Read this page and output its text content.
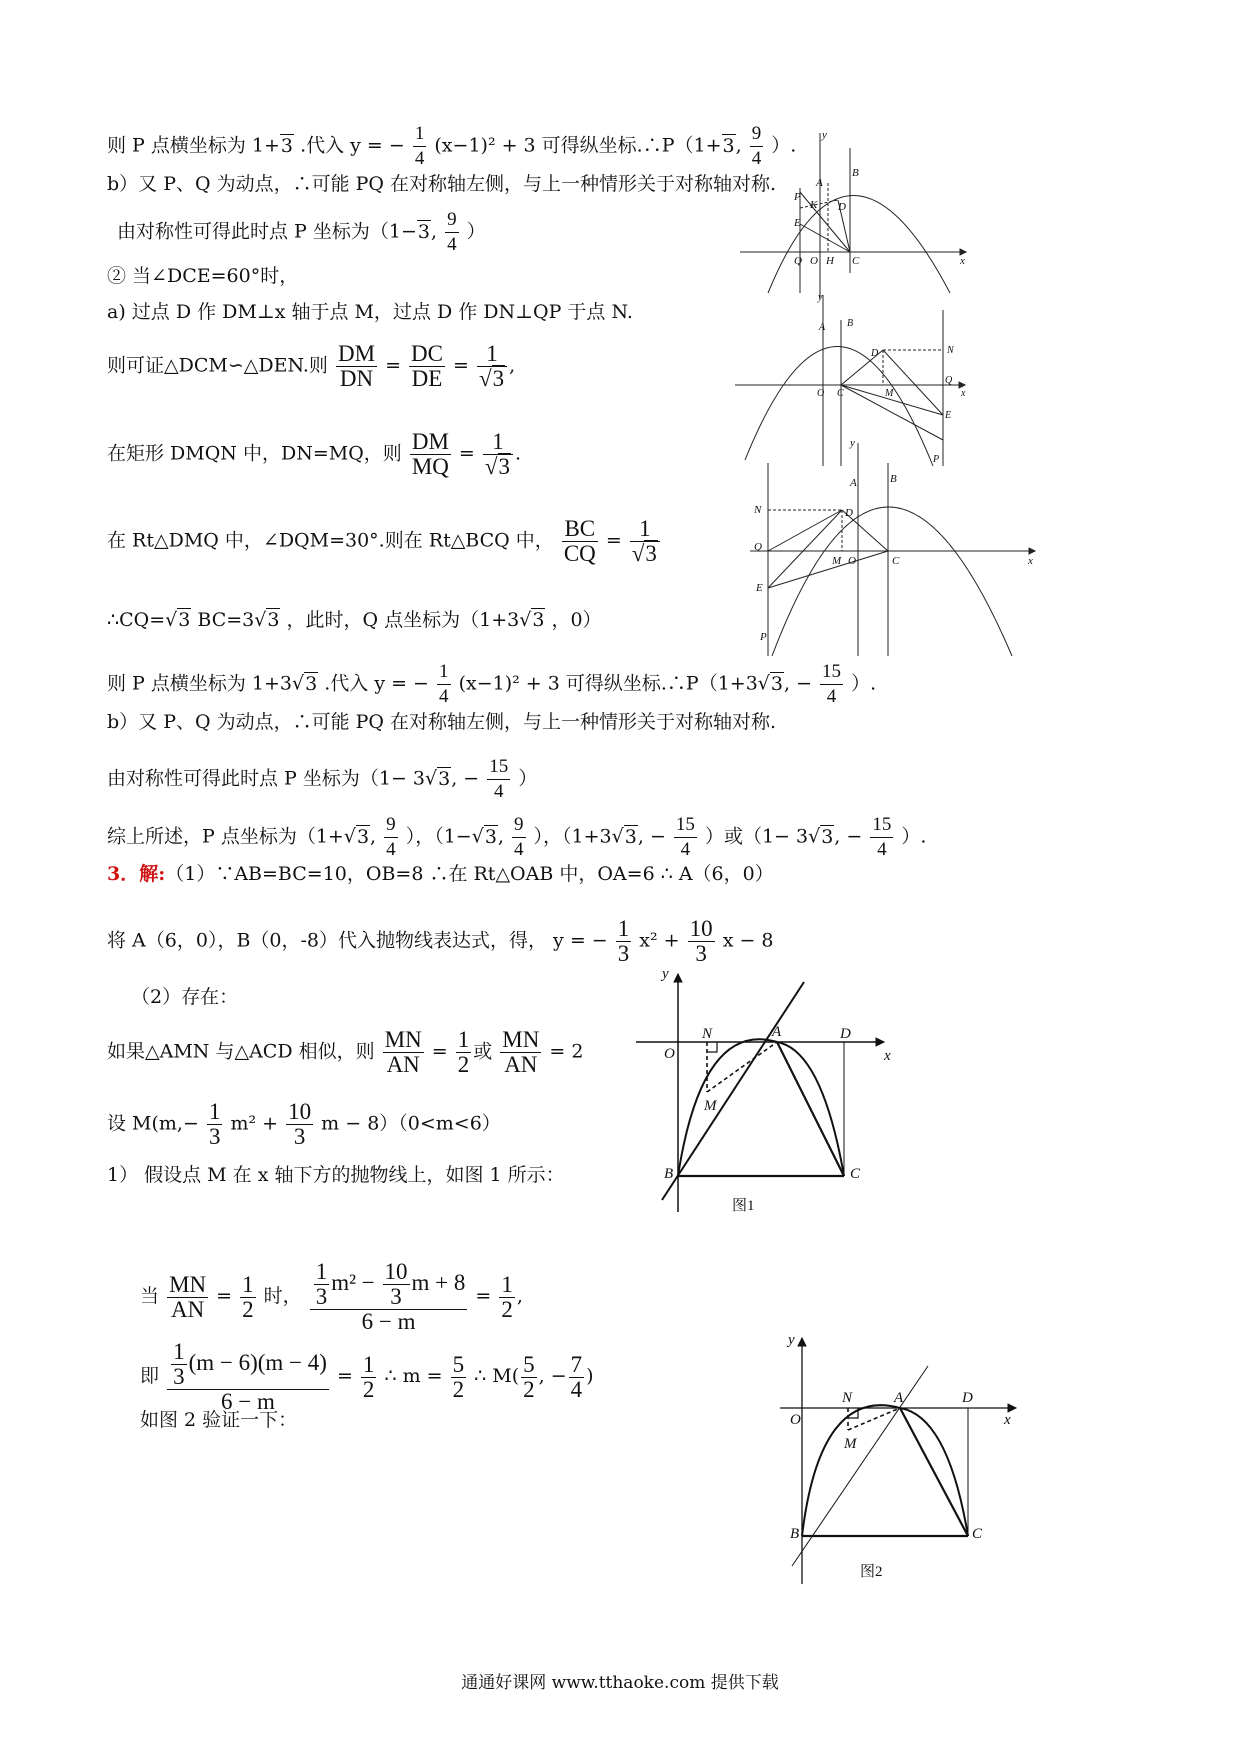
则 P 点横坐标为 1+3 .代入 y = − $\frac{1}{4} (x-1)^2 + 3$ 可得纵坐标.∴P（1+3, $\frac{9}{4}$ ）.
b）又 P、Q 为动点，∴可能 PQ 在对称轴左侧，与上一种情形关于对称轴对称.
由对称性可得此时点 P 坐标为（1−3, $\frac{9}{4}$ ）
② 当∠DCE=60°时，
a) 过点 D 作 DM⊥x 轴于点 M，过点 D 作 DN⊥QP 于点 N.
则可证△DCM∽△DEN.则 $\frac{DM}{DN} = \frac{DC}{DE} = \frac{1}{√3}$ ,
在矩形 DMQN 中，DN=MQ，则 $\frac{DM}{MQ} = \frac{1}{√3}$ .
在 Rt△DMQ 中，∠DQM=30°.则在 Rt△BCQ 中， $\frac{BC}{CQ} = \frac{1}{√3}$
∴CQ=√3 BC=3√3 ，此时，Q 点坐标为（1+3√3 ，0）
则 P 点横坐标为 1+3√3 .代入 y = − $\frac{1}{4} (x-1)^2 + 3$ 可得纵坐标.∴P（1+3√3, − $\frac{15}{4}$ ）.
b）又 P、Q 为动点，∴可能 PQ 在对称轴左侧，与上一种情形关于对称轴对称.
由对称性可得此时点 P 坐标为（1− 3√3, − $\frac{15}{4}$ ）
综上所述，P 点坐标为（1+√3, $\frac{9}{4}$ ），（1−√3, $\frac{9}{4}$ ），（1+3√3, − $\frac{15}{4}$ ）或（1− 3√3, − $\frac{15}{4}$ ）.
3．解:（1）∵AB=BC=10，OB=8 ∴在 Rt△OAB 中，OA=6 ∴ A（6，0）
将 A（6，0），B（0，-8）代入抛物线表达式，得， y = − $\frac{1}{3} x^2 + \frac{10}{3}$ x − 8
（2）存在：
如果△AMN 与△ACD 相似，则 $\frac{MN}{AN} = \frac{1}{2}$ 或 $\frac{MN}{AN} = 2$
设 $M(m,- \frac{1}{3} m^2 + \frac{10}{3}$ m − 8）（0<m<6）
1） 假设点 M 在 x 轴下方的抛物线上，如图 1 所示：
当 $\frac{MN}{AN} = \frac{1}{2}$ 时， $\frac{\frac{1}{3} m^2 - \frac{10}{3} m + 8}{6 - m} = \frac{1}{2}$ ,
即 $\frac{\frac{1}{3} (m - 6)(m - 4)}{6 - m} = \frac{1}{2}$ ∴ $m = \frac{5}{2}$ ∴ $M( \frac{5}{2}$ , − $\frac{7}{4}$ )
如图 2 验证一下：
y
x
A
B
P
K D
E
Q O H C
y
x
A B
D	N
Q
O C	M
E
P
y
x
A	B
N	D
Q
M O	C
E
P
y
x
O
N	A	D
M
B	C
图1
y
x
O
N	A	D
M
B	C
图2
通通好课网 www.tthaoke.com 提供下载
